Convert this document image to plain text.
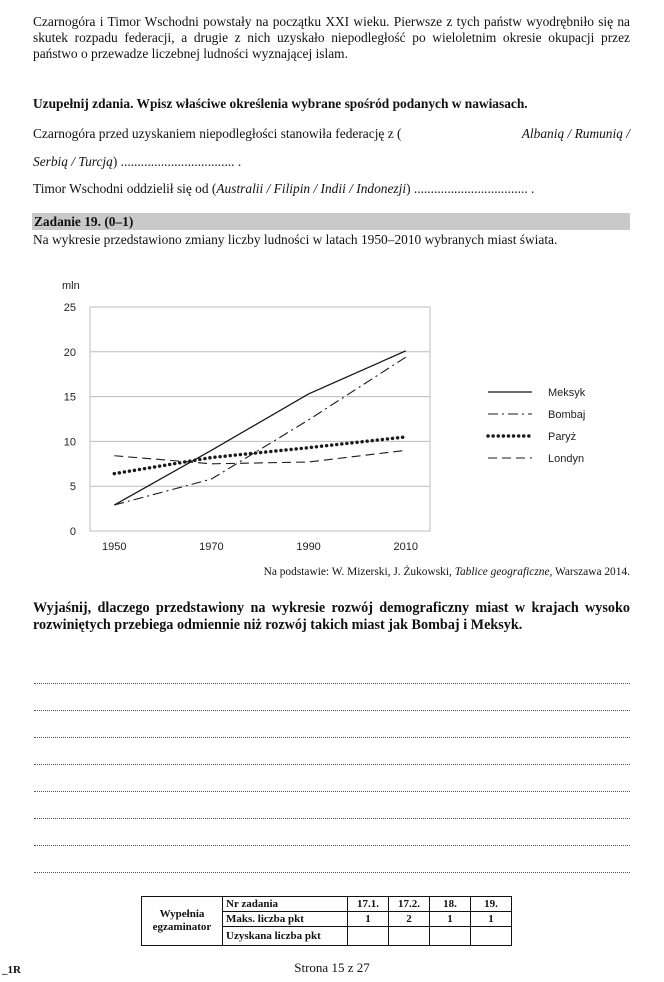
Czarnogóra i Timor Wschodni powstały na początku XXI wieku. Pierwsze z tych państw wyodrębniło się na skutek rozpadu federacji, a drugie z nich uzyskało niepodległość po wieloletnim okresie okupacji przez państwo o przewadze liczebnej ludności wyznającej islam.
Uzupełnij zdania. Wpisz właściwe określenia wybrane spośród podanych w nawiasach.
Czarnogóra przed uzyskaniem niepodległości stanowiła federację z (	Albanią / Rumunią /
Serbią / Turcją) .................................. .
Timor Wschodni oddzielił się od (Australii / Filipin / Indii / Indonezji) .................................. .
Zadanie 19. (0–1)
Na wykresie przedstawiono zmiany liczby ludności w latach 1950–2010 wybranych miast świata.
0
5
10
15
20
25
mln
1950	1970	1990	2010
Meksyk
Bombaj
Paryż
Londyn
Na podstawie: W. Mizerski, J. Żukowski, Tablice geograficzne, Warszawa 2014.
Wyjaśnij, dlaczego przedstawiony na wykresie rozwój demograficzny miast w krajach wysoko rozwiniętych przebiega odmiennie niż rozwój takich miast jak Bombaj i Meksyk.
Wypełnia
egzaminator	Nr zadania	17.1.	17.2.	18.	19.
	Maks. liczba pkt	1	2	1	1
	Uzyskana liczba pkt				
Strona 15 z 27
_1R
